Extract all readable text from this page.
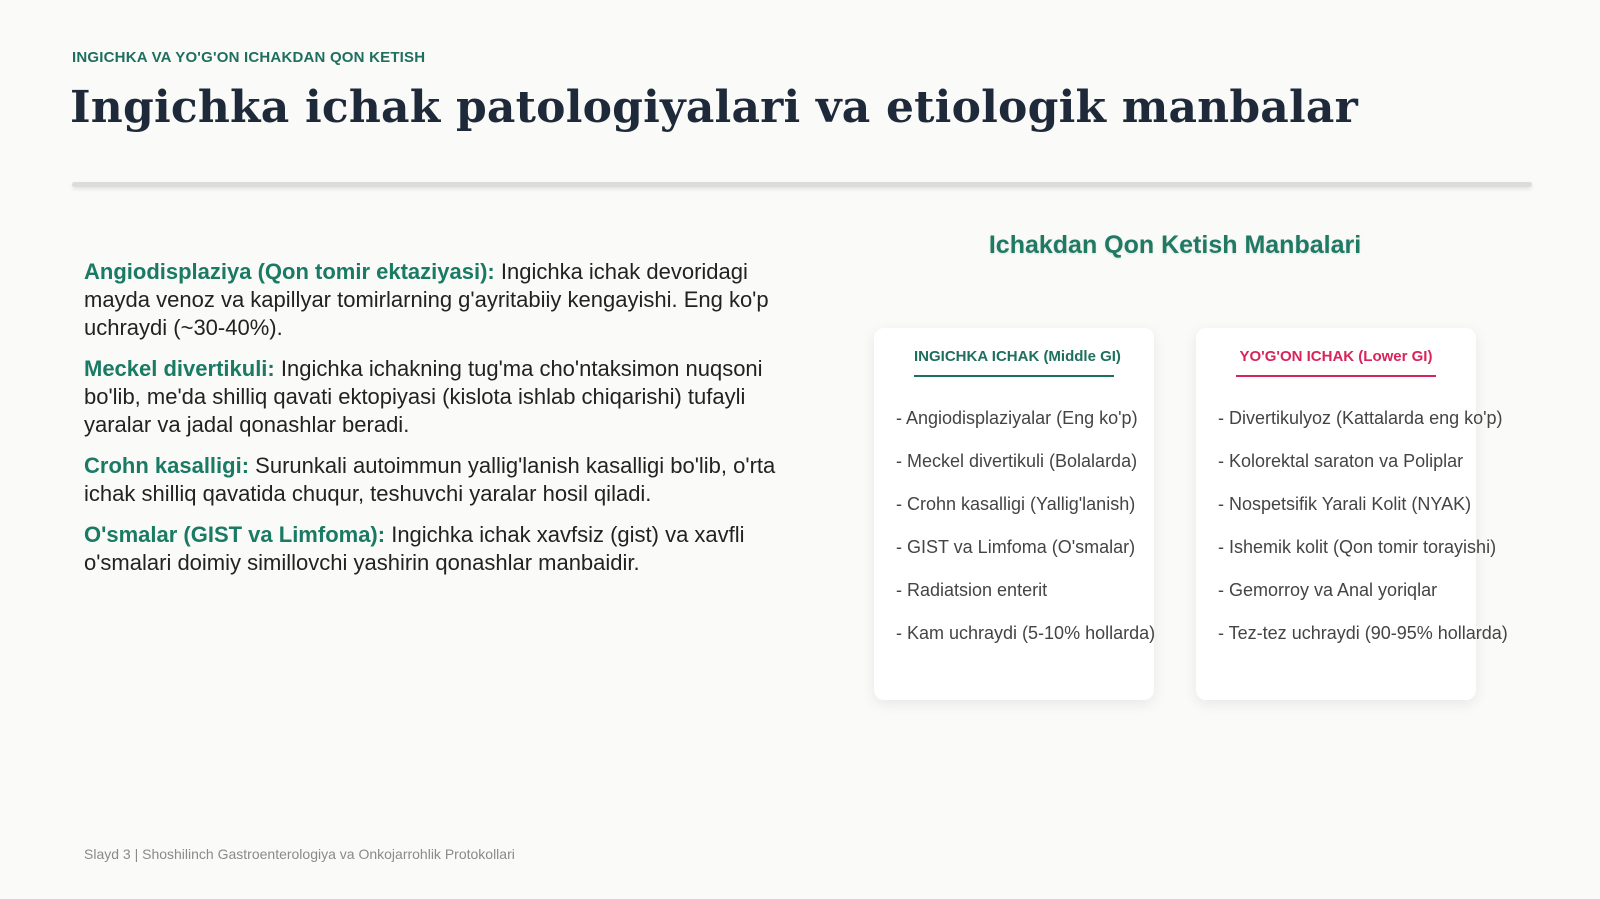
INGICHKA VA YO'G'ON ICHAKDAN QON KETISH
Ingichka ichak patologiyalari va etiologik manbalar

Angiodisplaziya (Qon tomir ektaziyasi): Ingichka ichak devoridagi mayda venoz va kapillyar tomirlarning g'ayritabiiy kengayishi. Eng ko'p uchraydi (~30-40%).

Meckel divertikuli: Ingichka ichakning tug'ma cho'ntaksimon nuqsoni bo'lib, me'da shilliq qavati ektopiyasi (kislota ishlab chiqarishi) tufayli yaralar va jadal qonashlar beradi.

Crohn kasalligi: Surunkali autoimmun yallig'lanish kasalligi bo'lib, o'rta ichak shilliq qavatida chuqur, teshuvchi yaralar hosil qiladi.

O'smalar (GIST va Limfoma): Ingichka ichak xavfsiz (gist) va xavfli o'smalari doimiy simillovchi yashirin qonashlar manbaidir.

Ichakdan Qon Ketish Manbalari
INGICHKA ICHAK (Middle GI)
- Angiodisplaziyalar (Eng ko'p)
- Meckel divertikuli (Bolalarda)
- Crohn kasalligi (Yallig'lanish)
- GIST va Limfoma (O'smalar)
- Radiatsion enterit
- Kam uchraydi (5-10% hollarda)
YO'G'ON ICHAK (Lower GI)
- Divertikulyoz (Kattalarda eng ko'p)
- Kolorektal saraton va Poliplar
- Nospetsifik Yarali Kolit (NYAK)
- Ishemik kolit (Qon tomir torayishi)
- Gemorroy va Anal yoriqlar
- Tez-tez uchraydi (90-95% hollarda)
Slayd 3 | Shoshilinch Gastroenterologiya va Onkojarrohlik Protokollari
